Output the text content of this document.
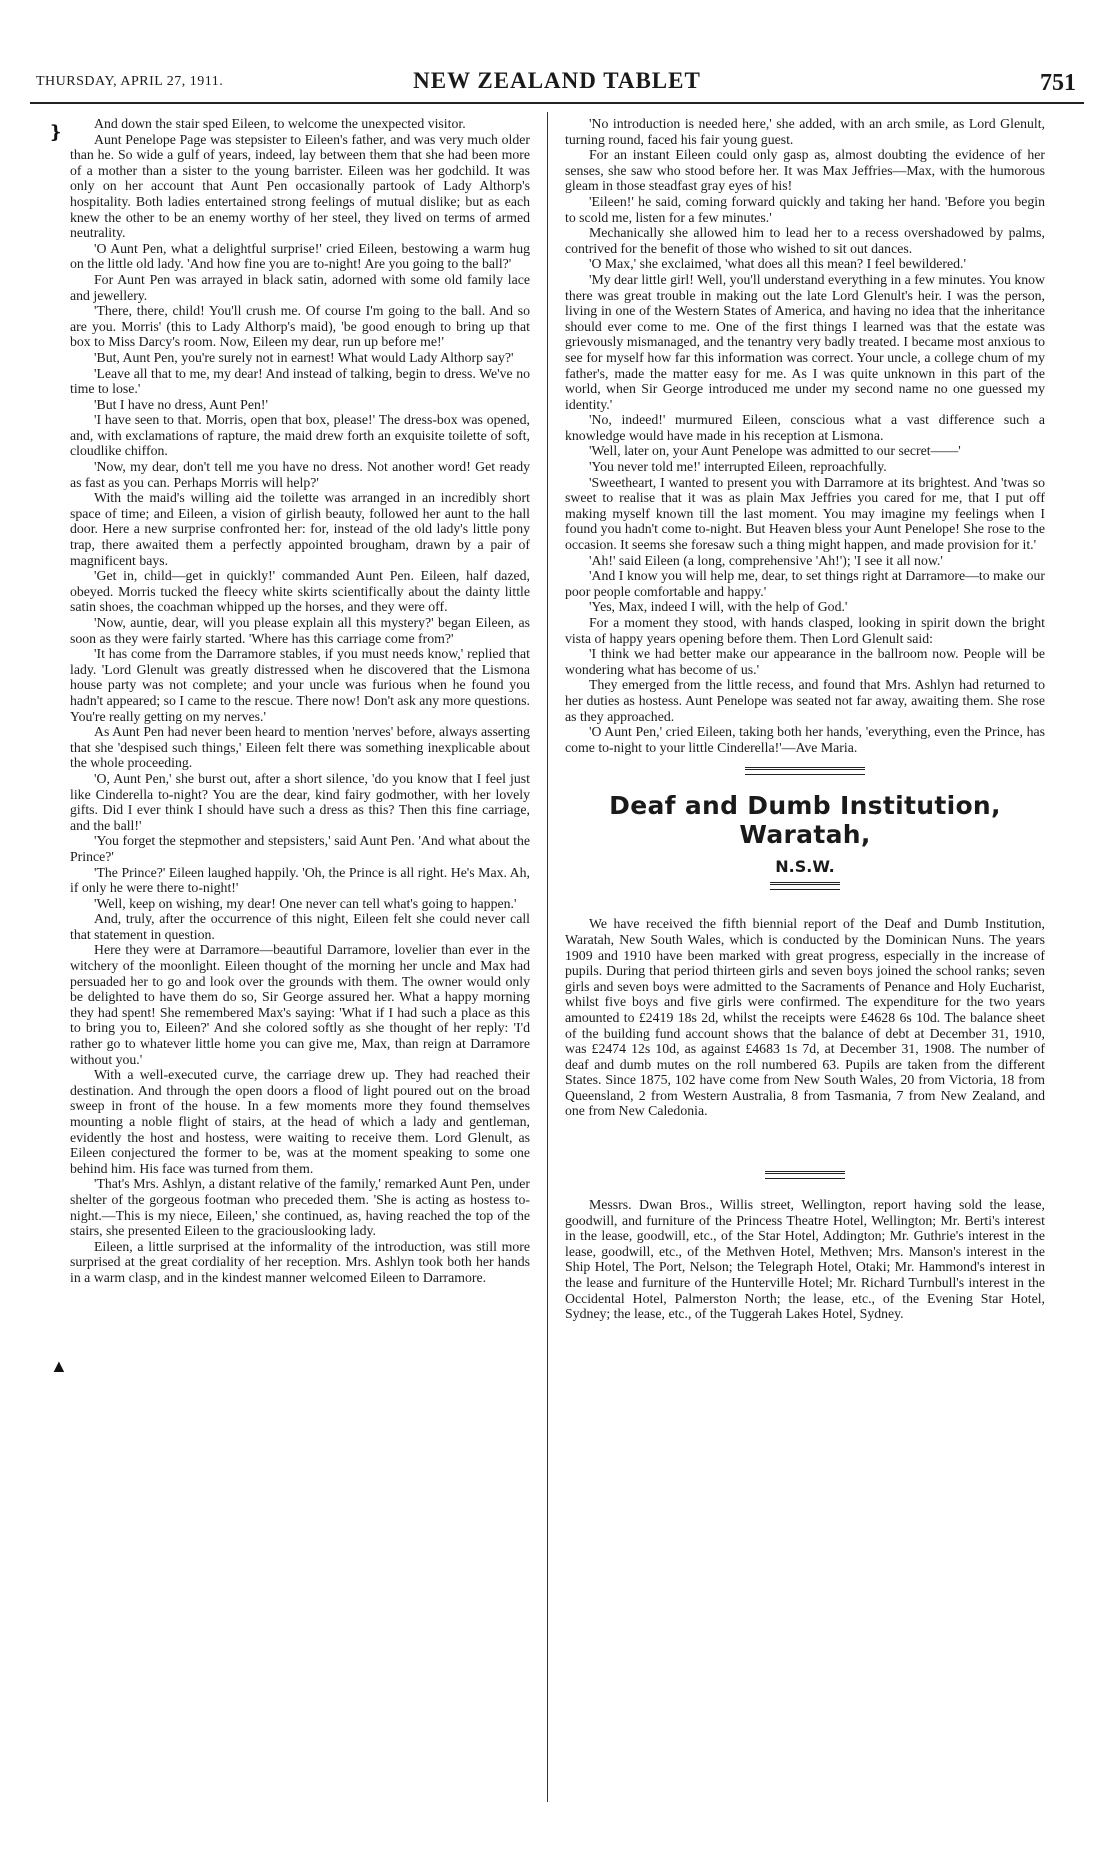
THURSDAY, APRIL 27, 1911.	NEW ZEALAND TABLET	751
❵
▲

And down the stair sped Eileen, to welcome the unexpected visitor.

Aunt Penelope Page was stepsister to Eileen's father, and was very much older than he. So wide a gulf of years, indeed, lay between them that she had been more of a mother than a sister to the young barrister. Eileen was her godchild. It was only on her account that Aunt Pen occasionally partook of Lady Althorp's hospitality. Both ladies entertained strong feelings of mutual dislike; but as each knew the other to be an enemy worthy of her steel, they lived on terms of armed neutrality.

'O Aunt Pen, what a delightful surprise!' cried Eileen, bestowing a warm hug on the little old lady. 'And how fine you are to-night! Are you going to the ball?'

For Aunt Pen was arrayed in black satin, adorned with some old family lace and jewellery.

'There, there, child! You'll crush me. Of course I'm going to the ball. And so are you. Morris' (this to Lady Althorp's maid), 'be good enough to bring up that box to Miss Darcy's room. Now, Eileen my dear, run up before me!'

'But, Aunt Pen, you're surely not in earnest! What would Lady Althorp say?'

'Leave all that to me, my dear! And instead of talking, begin to dress. We've no time to lose.'

'But I have no dress, Aunt Pen!'

'I have seen to that. Morris, open that box, please!' The dress-box was opened, and, with exclamations of rapture, the maid drew forth an exquisite toilette of soft, cloudlike chiffon.

'Now, my dear, don't tell me you have no dress. Not another word! Get ready as fast as you can. Perhaps Morris will help?'

With the maid's willing aid the toilette was arranged in an incredibly short space of time; and Eileen, a vision of girlish beauty, followed her aunt to the hall door. Here a new surprise confronted her: for, instead of the old lady's little pony trap, there awaited them a perfectly appointed brougham, drawn by a pair of magnificent bays.

'Get in, child—get in quickly!' commanded Aunt Pen. Eileen, half dazed, obeyed. Morris tucked the fleecy white skirts scientifically about the dainty little satin shoes, the coachman whipped up the horses, and they were off.

'Now, auntie, dear, will you please explain all this mystery?' began Eileen, as soon as they were fairly started. 'Where has this carriage come from?'

'It has come from the Darramore stables, if you must needs know,' replied that lady. 'Lord Glenult was greatly distressed when he discovered that the Lismona house party was not complete; and your uncle was furious when he found you hadn't appeared; so I came to the rescue. There now! Don't ask any more questions. You're really getting on my nerves.'

As Aunt Pen had never been heard to mention 'nerves' before, always asserting that she 'despised such things,' Eileen felt there was something inexplicable about the whole proceeding.

'O, Aunt Pen,' she burst out, after a short silence, 'do you know that I feel just like Cinderella to-night? You are the dear, kind fairy godmother, with her lovely gifts. Did I ever think I should have such a dress as this? Then this fine carriage, and the ball!'

'You forget the stepmother and stepsisters,' said Aunt Pen. 'And what about the Prince?'

'The Prince?' Eileen laughed happily. 'Oh, the Prince is all right. He's Max. Ah, if only he were there to-night!'

'Well, keep on wishing, my dear! One never can tell what's going to happen.'

And, truly, after the occurrence of this night, Eileen felt she could never call that statement in question.

Here they were at Darramore—beautiful Darramore, lovelier than ever in the witchery of the moonlight. Eileen thought of the morning her uncle and Max had persuaded her to go and look over the grounds with them. The owner would only be delighted to have them do so, Sir George assured her. What a happy morning they had spent! She remembered Max's saying: 'What if I had such a place as this to bring you to, Eileen?' And she colored softly as she thought of her reply: 'I'd rather go to whatever little home you can give me, Max, than reign at Darramore without you.'

With a well-executed curve, the carriage drew up. They had reached their destination. And through the open doors a flood of light poured out on the broad sweep in front of the house. In a few moments more they found themselves mounting a noble flight of stairs, at the head of which a lady and gentleman, evidently the host and hostess, were waiting to receive them. Lord Glenult, as Eileen conjectured the former to be, was at the moment speaking to some one behind him. His face was turned from them.

'That's Mrs. Ashlyn, a distant relative of the family,' remarked Aunt Pen, under shelter of the gorgeous footman who preceded them. 'She is acting as hostess to-night.—This is my niece, Eileen,' she continued, as, having reached the top of the stairs, she presented Eileen to the graciouslooking lady.

Eileen, a little surprised at the informality of the introduction, was still more surprised at the great cordiality of her reception. Mrs. Ashlyn took both her hands in a warm clasp, and in the kindest manner welcomed Eileen to Darramore.

'No introduction is needed here,' she added, with an arch smile, as Lord Glenult, turning round, faced his fair young guest.

For an instant Eileen could only gasp as, almost doubting the evidence of her senses, she saw who stood before her. It was Max Jeffries—Max, with the humorous gleam in those steadfast gray eyes of his!

'Eileen!' he said, coming forward quickly and taking her hand. 'Before you begin to scold me, listen for a few minutes.'

Mechanically she allowed him to lead her to a recess overshadowed by palms, contrived for the benefit of those who wished to sit out dances.

'O Max,' she exclaimed, 'what does all this mean? I feel bewildered.'

'My dear little girl! Well, you'll understand everything in a few minutes. You know there was great trouble in making out the late Lord Glenult's heir. I was the person, living in one of the Western States of America, and having no idea that the inheritance should ever come to me. One of the first things I learned was that the estate was grievously mismanaged, and the tenantry very badly treated. I became most anxious to see for myself how far this information was correct. Your uncle, a college chum of my father's, made the matter easy for me. As I was quite unknown in this part of the world, when Sir George introduced me under my second name no one guessed my identity.'

'No, indeed!' murmured Eileen, conscious what a vast difference such a knowledge would have made in his reception at Lismona.

'Well, later on, your Aunt Penelope was admitted to our secret——'

'You never told me!' interrupted Eileen, reproachfully.

'Sweetheart, I wanted to present you with Darramore at its brightest. And 'twas so sweet to realise that it was as plain Max Jeffries you cared for me, that I put off making myself known till the last moment. You may imagine my feelings when I found you hadn't come to-night. But Heaven bless your Aunt Penelope! She rose to the occasion. It seems she foresaw such a thing might happen, and made provision for it.'

'Ah!' said Eileen (a long, comprehensive 'Ah!'); 'I see it all now.'

'And I know you will help me, dear, to set things right at Darramore—to make our poor people comfortable and happy.'

'Yes, Max, indeed I will, with the help of God.'

For a moment they stood, with hands clasped, looking in spirit down the bright vista of happy years opening before them. Then Lord Glenult said:

'I think we had better make our appearance in the ballroom now. People will be wondering what has become of us.'

They emerged from the little recess, and found that Mrs. Ashlyn had returned to her duties as hostess. Aunt Penelope was seated not far away, awaiting them. She rose as they approached.

'O Aunt Pen,' cried Eileen, taking both her hands, 'everything, even the Prince, has come to-night to your little Cinderella!'—Ave Maria.

Deaf and Dumb Institution, Waratah,
N.S.W.

We have received the fifth biennial report of the Deaf and Dumb Institution, Waratah, New South Wales, which is conducted by the Dominican Nuns. The years 1909 and 1910 have been marked with great progress, especially in the increase of pupils. During that period thirteen girls and seven boys joined the school ranks; seven girls and seven boys were admitted to the Sacraments of Penance and Holy Eucharist, whilst five boys and five girls were confirmed. The expenditure for the two years amounted to £2419 18s 2d, whilst the receipts were £4628 6s 10d. The balance sheet of the building fund account shows that the balance of debt at December 31, 1910, was £2474 12s 10d, as against £4683 1s 7d, at December 31, 1908. The number of deaf and dumb mutes on the roll numbered 63. Pupils are taken from the different States. Since 1875, 102 have come from New South Wales, 20 from Victoria, 18 from Queensland, 2 from Western Australia, 8 from Tasmania, 7 from New Zealand, and one from New Caledonia.

Messrs. Dwan Bros., Willis street, Wellington, report having sold the lease, goodwill, and furniture of the Princess Theatre Hotel, Wellington; Mr. Berti's interest in the lease, goodwill, etc., of the Star Hotel, Addington; Mr. Guthrie's interest in the lease, goodwill, etc., of the Methven Hotel, Methven; Mrs. Manson's interest in the Ship Hotel, The Port, Nelson; the Telegraph Hotel, Otaki; Mr. Hammond's interest in the lease and furniture of the Hunterville Hotel; Mr. Richard Turnbull's interest in the Occidental Hotel, Palmerston North; the lease, etc., of the Evening Star Hotel, Sydney; the lease, etc., of the Tuggerah Lakes Hotel, Sydney.
